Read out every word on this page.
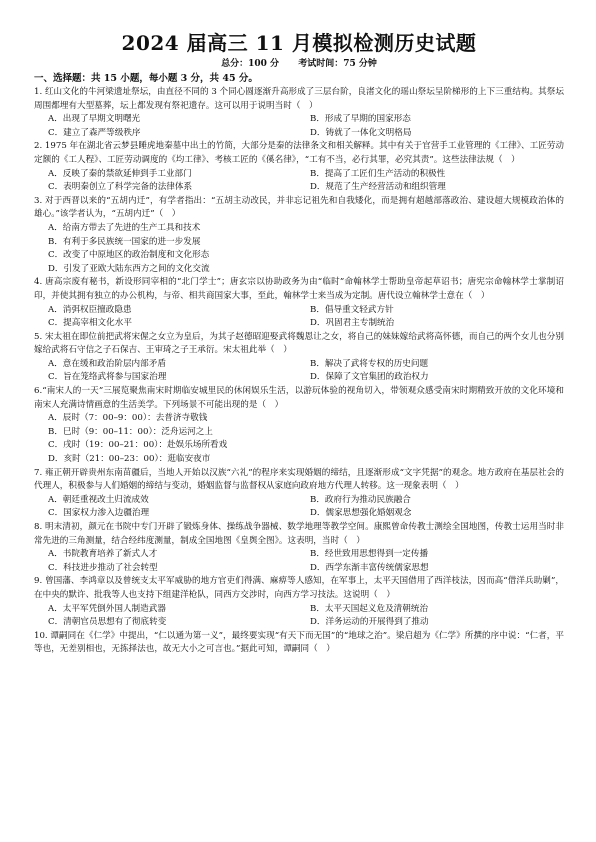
2024 届高三 11 月模拟检测历史试题
总分：100 分 考试时间：75 分钟
一、选择题：共 15 小题，每小题 3 分，共 45 分。
1. 红山文化的牛河梁遗址祭坛，由直径不同的 3 个同心圆逐渐升高形成了三层台阶，良渚文化的瑶山祭坛呈阶梯形的上下三重结构。其祭坛周围都埋有大型墓葬，坛上都发现有祭祀遗存。这可以用于说明当时（　）
A．出现了早期文明曙光	B．形成了早期的国家形态
C．建立了森严等级秩序	D．铸就了一体化文明格局
2. 1975 年在湖北省云梦县睡虎地秦墓中出土的竹简，大部分是秦的法律条文和相关解释。其中有关于官营手工业管理的《工律》、工匠劳动定额的《工人程》、工匠劳动调度的《均工律》、考核工匠的《傒名律》，“工有不当，必行其罪，必究其责”。这些法律法规（　）
A．反映了秦的禁欲延伸到手工业部门	B．提高了工匠们生产活动的积极性
C．表明秦创立了科学完备的法律体系	D．规范了生产经营活动和组织管理
3. 对于西晋以来的“五胡内迁”，有学者指出：“五胡主动改民，并非忘记祖先和自我矮化，而是拥有超越部落政治、建设超大规模政治体的雄心。”该学者认为，“五胡内迁”（　）
A．给南方带去了先进的生产工具和技术
B．有利于多民族统一国家的进一步发展
C．改变了中原地区的政治制度和文化形态
D．引发了亚欧大陆东西方之间的文化交流
4. 唐高宗废有秘书，新设形同宰相的“北门学士”；唐玄宗以协助政务为由“临时”命翰林学士帮助皇帝起草诏书；唐宪宗命翰林学士掌制诏印，并使其拥有独立的办公机构，与帝、相共商国家大事，至此，翰林学士来当成为定制。唐代设立翰林学士意在（　）
A．消弭权臣擅政隐患	B．倡导重文轻武方针
C．提高宰相文化水平	D．巩固君主专制统治
5. 宋太祖在即位前把武将宋偓之女立为皇后，为其子赵德昭迎娶武将魏恩让之女，将自己的妹妹嫁给武将高怀德，而自己的两个女儿也分别嫁给武将石守信之子石保吉、王审琦之子王承衍。宋太祖此举（　）
A．意在缓和政治阶层内部矛盾	B．解决了武将专权的历史问题
C．旨在笼络武将参与国家治理	D．保障了文官集团的政治权力
6.“南宋人的一天”三展览聚焦南宋时期临安城里民的休闲娱乐生活，以游玩体验的视角切入，带领观众感受南宋时期精致开放的文化环境和南宋人充满诗情画意的生活美学。下列场景不可能出现的是（　）
A．辰时（7：00–9：00）：去普济寺敬钱
B．巳时（9：00–11：00）：泛舟运河之上
C．戌时（19：00–21：00）：赴娱乐场所看戏
D．亥时（21：00–23：00）：逛临安夜市
7. 雍正朝开辟贵州东南苗疆后，当地人开始以汉族“六礼”的程序来实现婚姻的缔结，且逐渐形成“文字凭据”的观念。地方政府在基层社会的代理人，积极参与人们婚姻的缔结与变动，婚姻监督与监督权从家庭向政府地方代理人转移。这一现象表明（　）
A．朝廷重视改土归流成效	B．政府行为推动民族融合
C．国家权力渗入边疆治理	D．儒家思想强化婚姻观念
8. 明末清初，颜元在书院中专门开辟了锻炼身体、操练战争器械、数学地理等教学空间。康熙曾命传教士测绘全国地图，传教士运用当时非常先进的三角测量，结合经纬度测量，制成全国地图《皇舆全图》。这表明，当时（　）
A．书院教育培养了新式人才	B．经世致用思想得到一定传播
C．科技进步推动了社会转型	D．西学东渐丰富传统儒家思想
9. 曾国藩、李鸿章以及曾统支太平军威胁的地方官吏们得满、麻痹等人感知，在军事上，太平天国借用了西洋枝法，因而高“借洋兵助剿”，在中央的默许、批我等人也支持下组建洋枪队，同西方交涉时，向西方学习技法。这说明（　）
A．太平军凭倒外国人制造武器	B．太平天国起义危及清朝统治
C．清朝官员思想有了彻底转变	D．洋务运动的开展得到了推动
10. 谭嗣同在《仁学》中提出，“仁以通为第一义”，最终要实现“有天下而无国”的“地球之治”。梁启超为《仁学》所撰的序中说：“仁者，平等也，无差别相也，无拣择法也，故无大小之可言也。”据此可知，谭嗣同（　）
